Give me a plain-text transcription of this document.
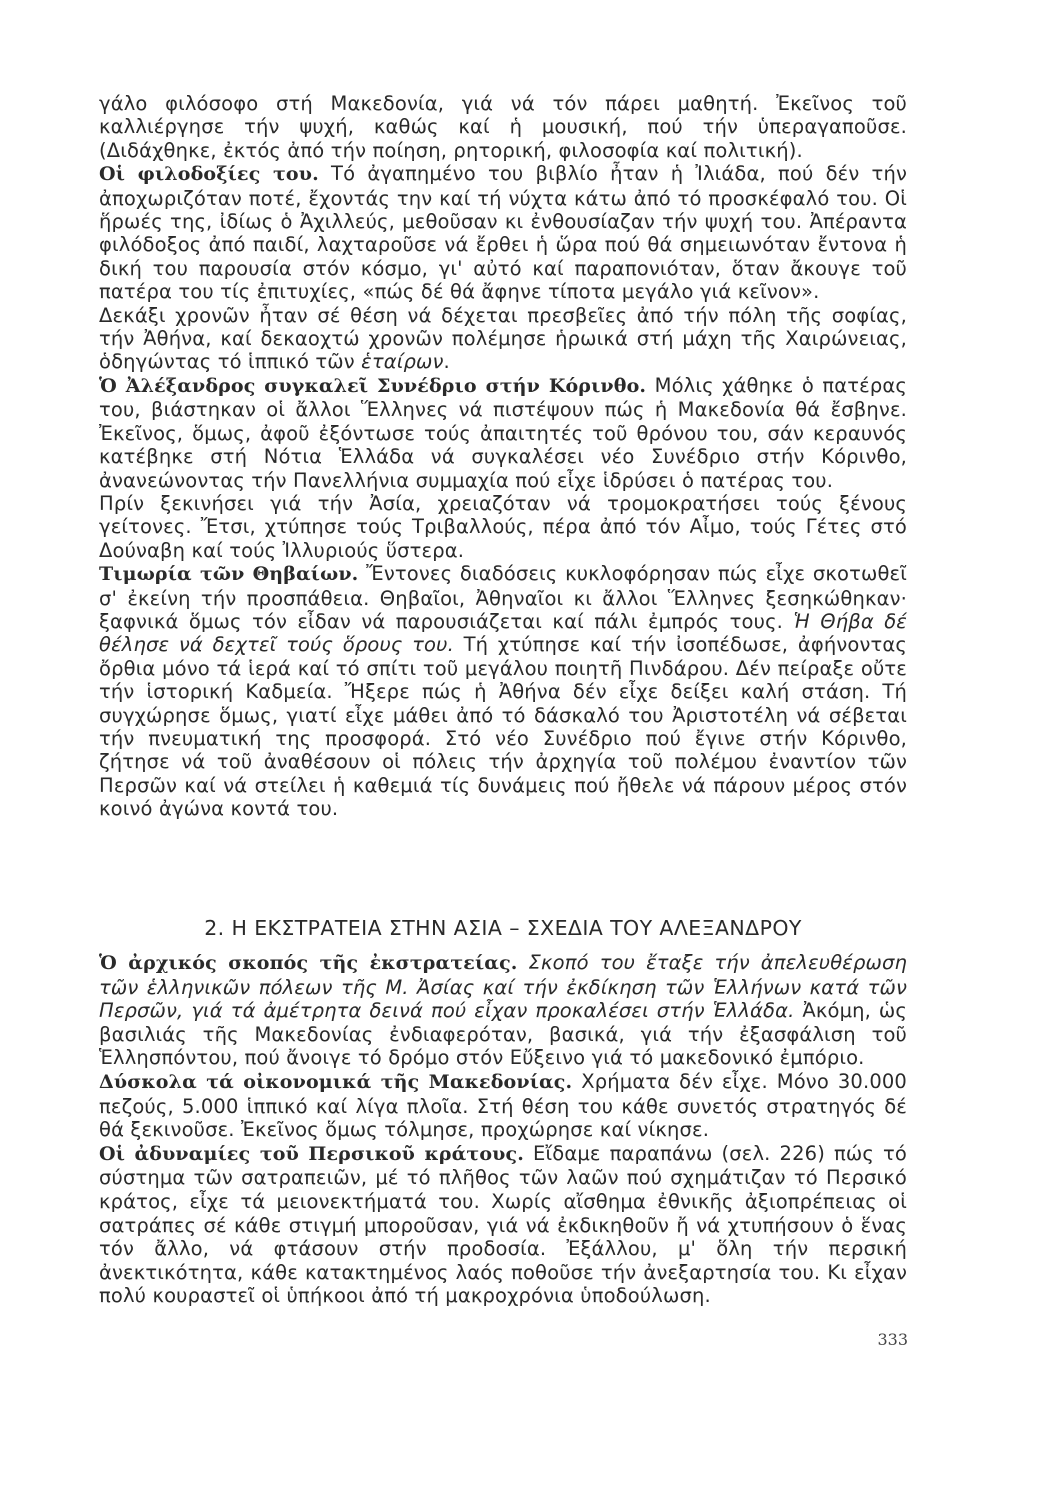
γάλο φιλόσοφο στή Μακεδονία, γιά νά τόν πάρει μαθητή. Ἐκεῖνος τοῦ καλλιέργησε τήν ψυχή, καθώς καί ἡ μουσική, πού τήν ὑπεραγαποῦσε. (Διδάχθηκε, ἐκτός ἀπό τήν ποίηση, ρητορική, φιλοσοφία καί πολιτική).

Οἱ φιλοδοξίες του. Τό ἀγαπημένο του βιβλίο ἦταν ἡ Ἰλιάδα, πού δέν τήν ἀποχωριζόταν ποτέ, ἔχοντάς την καί τή νύχτα κάτω ἀπό τό προσκέφαλό του. Οἱ ἥρωές της, ἰδίως ὁ Ἀχιλλεύς, μεθοῦσαν κι ἐνθουσίαζαν τήν ψυχή του. Ἀπέραντα φιλόδοξος ἀπό παιδί, λαχταροῦσε νά ἔρθει ἡ ὥρα πού θά σημειωνόταν ἔντονα ἡ δική του παρουσία στόν κόσμο, γι' αὐτό καί παραπονιόταν, ὅταν ἄκουγε τοῦ πατέρα του τίς ἐπιτυχίες, «πώς δέ θά ἄφηνε τίποτα μεγάλο γιά κεῖνον».

Δεκάξι χρονῶν ἦταν σέ θέση νά δέχεται πρεσβεῖες ἀπό τήν πόλη τῆς σοφίας, τήν Ἀθήνα, καί δεκαοχτώ χρονῶν πολέμησε ἡρωικά στή μάχη τῆς Χαιρώνειας, ὁδηγώντας τό ἱππικό τῶν ἑταίρων.

Ὁ Ἀλέξανδρος συγκαλεῖ Συνέδριο στήν Κόρινθο. Μόλις χάθηκε ὁ πατέρας του, βιάστηκαν οἱ ἄλλοι Ἕλληνες νά πιστέψουν πώς ἡ Μακεδονία θά ἔσβηνε. Ἐκεῖνος, ὅμως, ἀφοῦ ἐξόντωσε τούς ἀπαιτητές τοῦ θρόνου του, σάν κεραυνός κατέβηκε στή Νότια Ἑλλάδα νά συγκαλέσει νέο Συνέδριο στήν Κόρινθο, ἀνανεώνοντας τήν Πανελλήνια συμμαχία πού εἶχε ἱδρύσει ὁ πατέρας του.

Πρίν ξεκινήσει γιά τήν Ἀσία, χρειαζόταν νά τρομοκρατήσει τούς ξένους γείτονες. Ἔτσι, χτύπησε τούς Τριβαλλούς, πέρα ἀπό τόν Αἶμο, τούς Γέτες στό Δούναβη καί τούς Ἰλλυριούς ὕστερα.

Τιμωρία τῶν Θηβαίων. Ἔντονες διαδόσεις κυκλοφόρησαν πώς εἶχε σκοτωθεῖ σ' ἐκείνη τήν προσπάθεια. Θηβαῖοι, Ἀθηναῖοι κι ἄλλοι Ἕλληνες ξεσηκώθηκαν· ξαφνικά ὅμως τόν εἶδαν νά παρουσιάζεται καί πάλι ἐμπρός τους. Ἡ Θήβα δέ θέλησε νά δεχτεῖ τούς ὅρους του. Τή χτύπησε καί τήν ἰσοπέδωσε, ἀφήνοντας ὄρθια μόνο τά ἱερά καί τό σπίτι τοῦ μεγάλου ποιητῆ Πινδάρου. Δέν πείραξε οὔτε τήν ἱστορική Καδμεία. Ἤξερε πώς ἡ Ἀθήνα δέν εἶχε δείξει καλή στάση. Τή συγχώρησε ὅμως, γιατί εἶχε μάθει ἀπό τό δάσκαλό του Ἀριστοτέλη νά σέβεται τήν πνευματική της προσφορά. Στό νέο Συνέδριο πού ἔγινε στήν Κόρινθο, ζήτησε νά τοῦ ἀναθέσουν οἱ πόλεις τήν ἀρχηγία τοῦ πολέμου ἐναντίον τῶν Περσῶν καί νά στείλει ἡ καθεμιά τίς δυνάμεις πού ἤθελε νά πάρουν μέρος στόν κοινό ἀγώνα κοντά του.

2. Η ΕΚΣΤΡΑΤΕΙΑ ΣΤΗΝ ΑΣΙΑ – ΣΧΕΔΙΑ ΤΟΥ ΑΛΕΞΑΝΔΡΟΥ

Ὁ ἀρχικός σκοπός τῆς ἐκστρατείας. Σκοπό του ἔταξε τήν ἀπελευθέρωση τῶν ἑλληνικῶν πόλεων τῆς Μ. Ἀσίας καί τήν ἐκδίκηση τῶν Ἑλλήνων κατά τῶν Περσῶν, γιά τά ἀμέτρητα δεινά πού εἶχαν προκαλέσει στήν Ἑλλάδα. Ἀκόμη, ὡς βασιλιάς τῆς Μακεδονίας ἐνδιαφερόταν, βασικά, γιά τήν ἐξασφάλιση τοῦ Ἑλλησπόντου, πού ἄνοιγε τό δρόμο στόν Εὔξεινο γιά τό μακεδονικό ἐμπόριο.

Δύσκολα τά οἰκονομικά τῆς Μακεδονίας. Χρήματα δέν εἶχε. Μόνο 30.000 πεζούς, 5.000 ἱππικό καί λίγα πλοῖα. Στή θέση του κάθε συνετός στρατηγός δέ θά ξεκινοῦσε. Ἐκεῖνος ὅμως τόλμησε, προχώρησε καί νίκησε.

Οἱ ἀδυναμίες τοῦ Περσικοῦ κράτους. Εἴδαμε παραπάνω (σελ. 226) πώς τό σύστημα τῶν σατραπειῶν, μέ τό πλῆθος τῶν λαῶν πού σχημάτιζαν τό Περσικό κράτος, εἶχε τά μειονεκτήματά του. Χωρίς αἴσθημα ἐθνικῆς ἀξιοπρέπειας οἱ σατράπες σέ κάθε στιγμή μποροῦσαν, γιά νά ἐκδικηθοῦν ἤ νά χτυπήσουν ὁ ἕνας τόν ἄλλο, νά φτάσουν στήν προδοσία. Ἐξάλλου, μ' ὅλη τήν περσική ἀνεκτικότητα, κάθε κατακτημένος λαός ποθοῦσε τήν ἀνεξαρτησία του. Κι εἶχαν πολύ κουραστεῖ οἱ ὑπήκοοι ἀπό τή μακροχρόνια ὑποδούλωση.

333
